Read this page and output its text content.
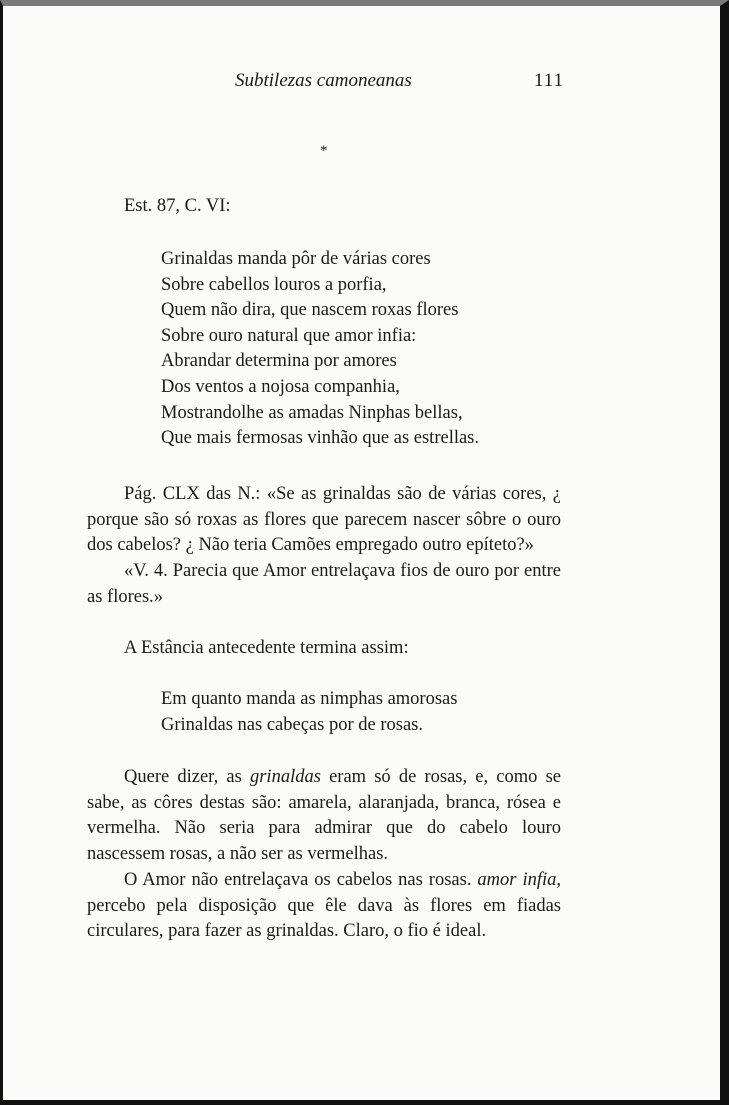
Subtilezas camoneanas	111
*
Est. 87, C. VI:
Grinaldas manda pôr de várias cores
Sobre cabellos louros a porfia,
Quem não dira, que nascem roxas flores
Sobre ouro natural que amor infia:
Abrandar determina por amores
Dos ventos a nojosa companhia,
Mostrandolhe as amadas Ninphas bellas,
Que mais fermosas vinhão que as estrellas.

Pág. CLX das N.: «Se as grinaldas são de várias cores, ¿ porque são só roxas as flores que parecem nascer sôbre o ouro dos cabelos? ¿ Não teria Camões empregado outro epíteto?»

«V. 4. Parecia que Amor entrelaçava fios de ouro por entre as flores.»

A Estância antecedente termina assim:
Em quanto manda as nimphas amorosas
Grinaldas nas cabeças por de rosas.

Quere dizer, as grinaldas eram só de rosas, e, como se sabe, as côres destas são: amarela, alaranjada, branca, rósea e vermelha. Não seria para admirar que do cabelo louro nascessem rosas, a não ser as vermelhas.

O Amor não entrelaçava os cabelos nas rosas. amor infia, percebo pela disposição que êle dava às flores em fiadas circulares, para fazer as grinaldas. Claro, o fio é ideal.
